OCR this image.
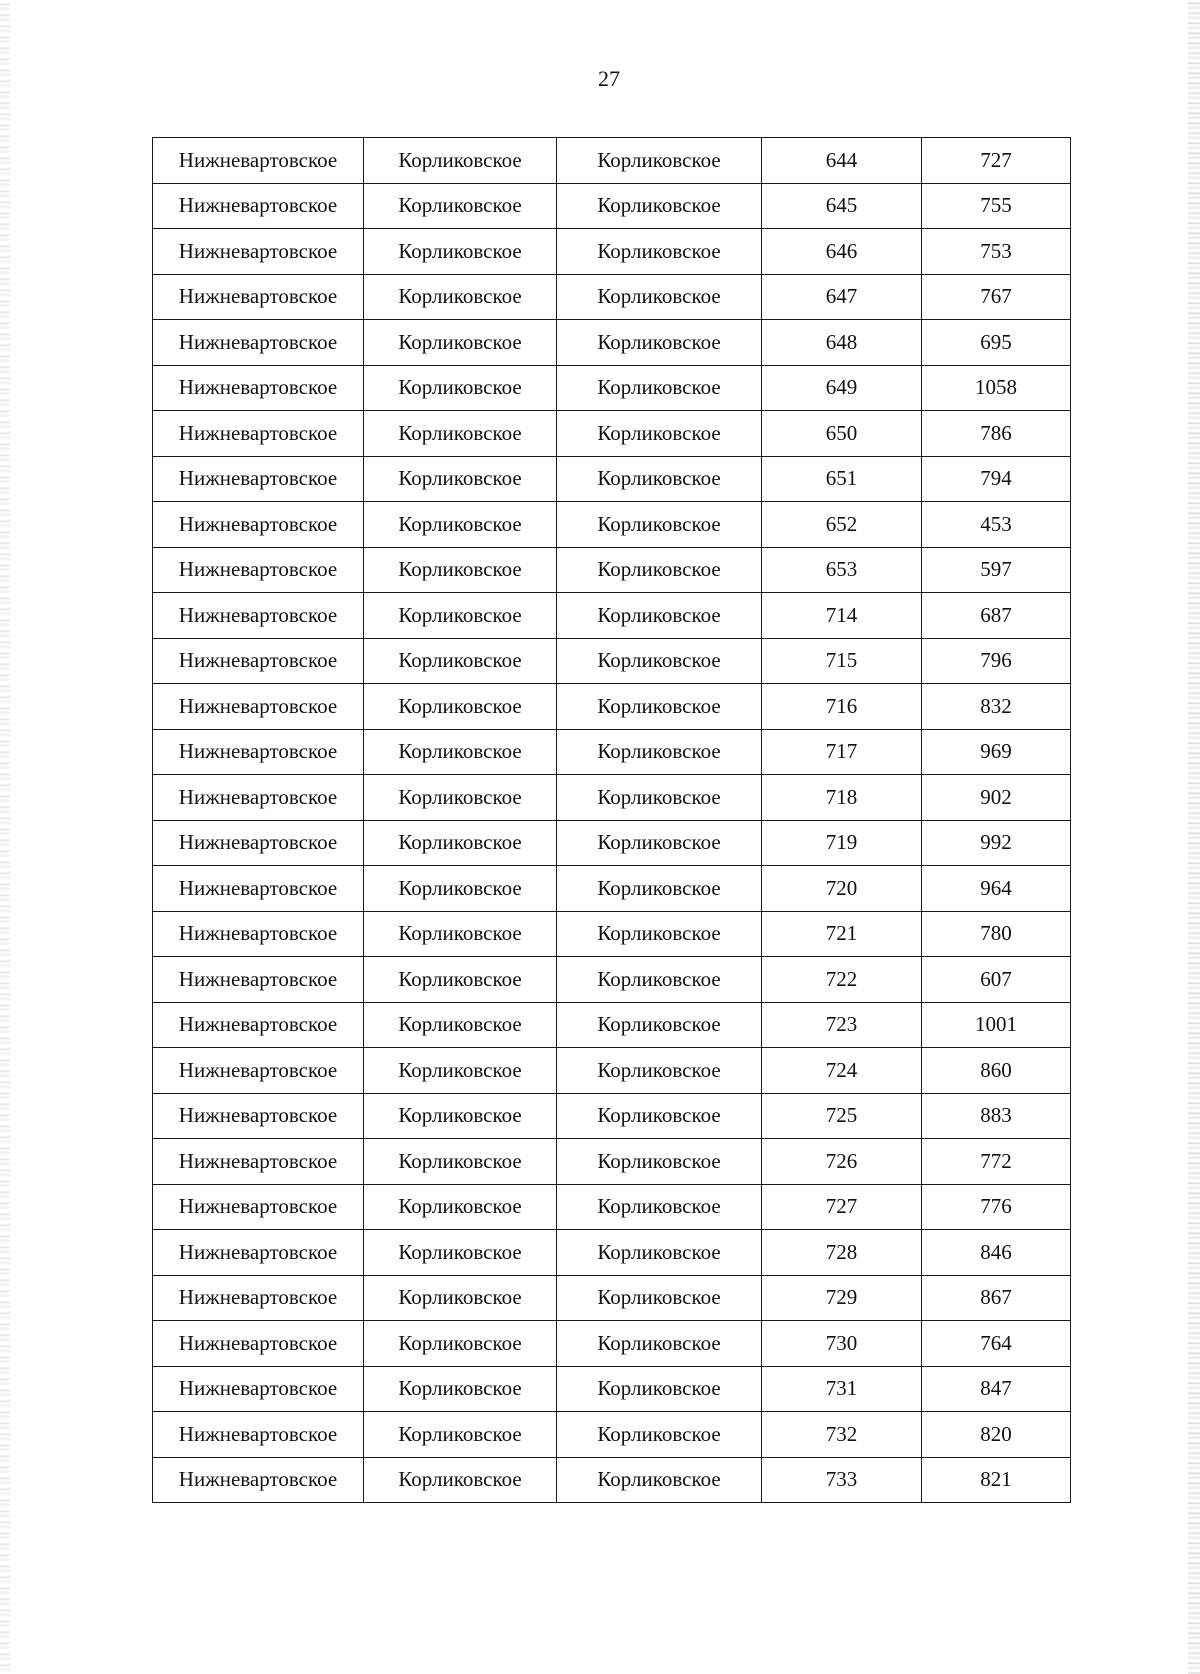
27
Нижневартовское	Корликовское	Корликовское	644	727
Нижневартовское	Корликовское	Корликовское	645	755
Нижневартовское	Корликовское	Корликовское	646	753
Нижневартовское	Корликовское	Корликовское	647	767
Нижневартовское	Корликовское	Корликовское	648	695
Нижневартовское	Корликовское	Корликовское	649	1058
Нижневартовское	Корликовское	Корликовское	650	786
Нижневартовское	Корликовское	Корликовское	651	794
Нижневартовское	Корликовское	Корликовское	652	453
Нижневартовское	Корликовское	Корликовское	653	597
Нижневартовское	Корликовское	Корликовское	714	687
Нижневартовское	Корликовское	Корликовское	715	796
Нижневартовское	Корликовское	Корликовское	716	832
Нижневартовское	Корликовское	Корликовское	717	969
Нижневартовское	Корликовское	Корликовское	718	902
Нижневартовское	Корликовское	Корликовское	719	992
Нижневартовское	Корликовское	Корликовское	720	964
Нижневартовское	Корликовское	Корликовское	721	780
Нижневартовское	Корликовское	Корликовское	722	607
Нижневартовское	Корликовское	Корликовское	723	1001
Нижневартовское	Корликовское	Корликовское	724	860
Нижневартовское	Корликовское	Корликовское	725	883
Нижневартовское	Корликовское	Корликовское	726	772
Нижневартовское	Корликовское	Корликовское	727	776
Нижневартовское	Корликовское	Корликовское	728	846
Нижневартовское	Корликовское	Корликовское	729	867
Нижневартовское	Корликовское	Корликовское	730	764
Нижневартовское	Корликовское	Корликовское	731	847
Нижневартовское	Корликовское	Корликовское	732	820
Нижневартовское	Корликовское	Корликовское	733	821
